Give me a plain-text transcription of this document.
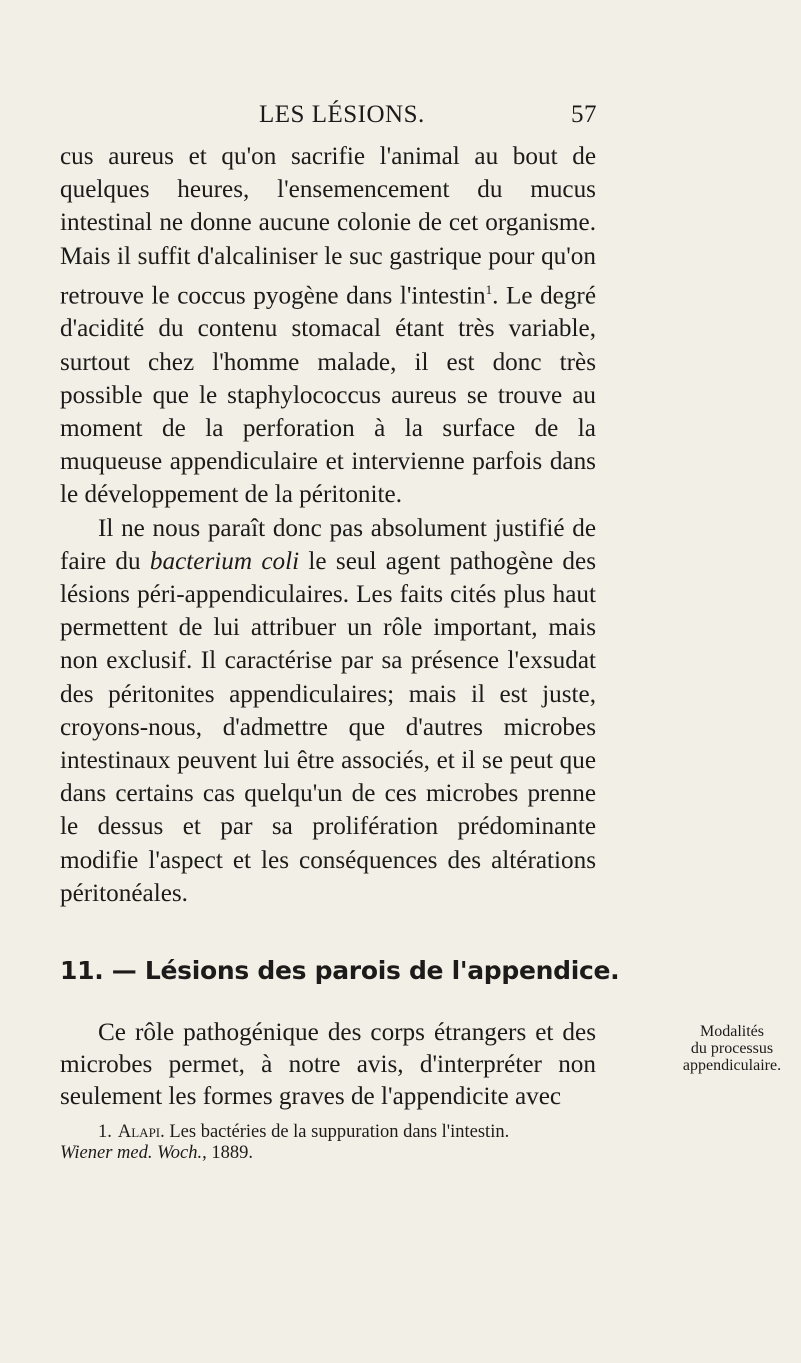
LES LÉSIONS.	57

cus aureus et qu'on sacrifie l'animal au bout de quelques heures, l'ensemencement du mucus intestinal ne donne aucune colonie de cet organisme. Mais il suffit d'alcaliniser le suc gastrique pour qu'on retrouve le coccus pyogène dans l'intestin$^1$. Le degré d'acidité du contenu stomacal étant très variable, surtout chez l'homme malade, il est donc très possible que le staphylococcus aureus se trouve au moment de la perforation à la surface de la muqueuse appendiculaire et intervienne parfois dans le développement de la péritonite.

Il ne nous paraît donc pas absolument justifié de faire du bacterium coli le seul agent pathogène des lésions péri-appendiculaires. Les faits cités plus haut permettent de lui attribuer un rôle important, mais non exclusif. Il caractérise par sa présence l'exsudat des péritonites appendiculaires; mais il est juste, croyons-nous, d'admettre que d'autres microbes intestinaux peuvent lui être associés, et il se peut que dans certains cas quelqu'un de ces microbes prenne le dessus et par sa prolifération prédominante modifie l'aspect et les conséquences des altérations péritonéales.

11. — Lésions des parois de l'appendice.

Ce rôle pathogénique des corps étrangers et des microbes permet, à notre avis, d'interpréter non seulement les formes graves de l'appendicite avec

Modalités
du processus
appendiculaire.

1. Alapi. Les bactéries de la suppuration dans l'intestin.
Wiener med. Woch., 1889.
